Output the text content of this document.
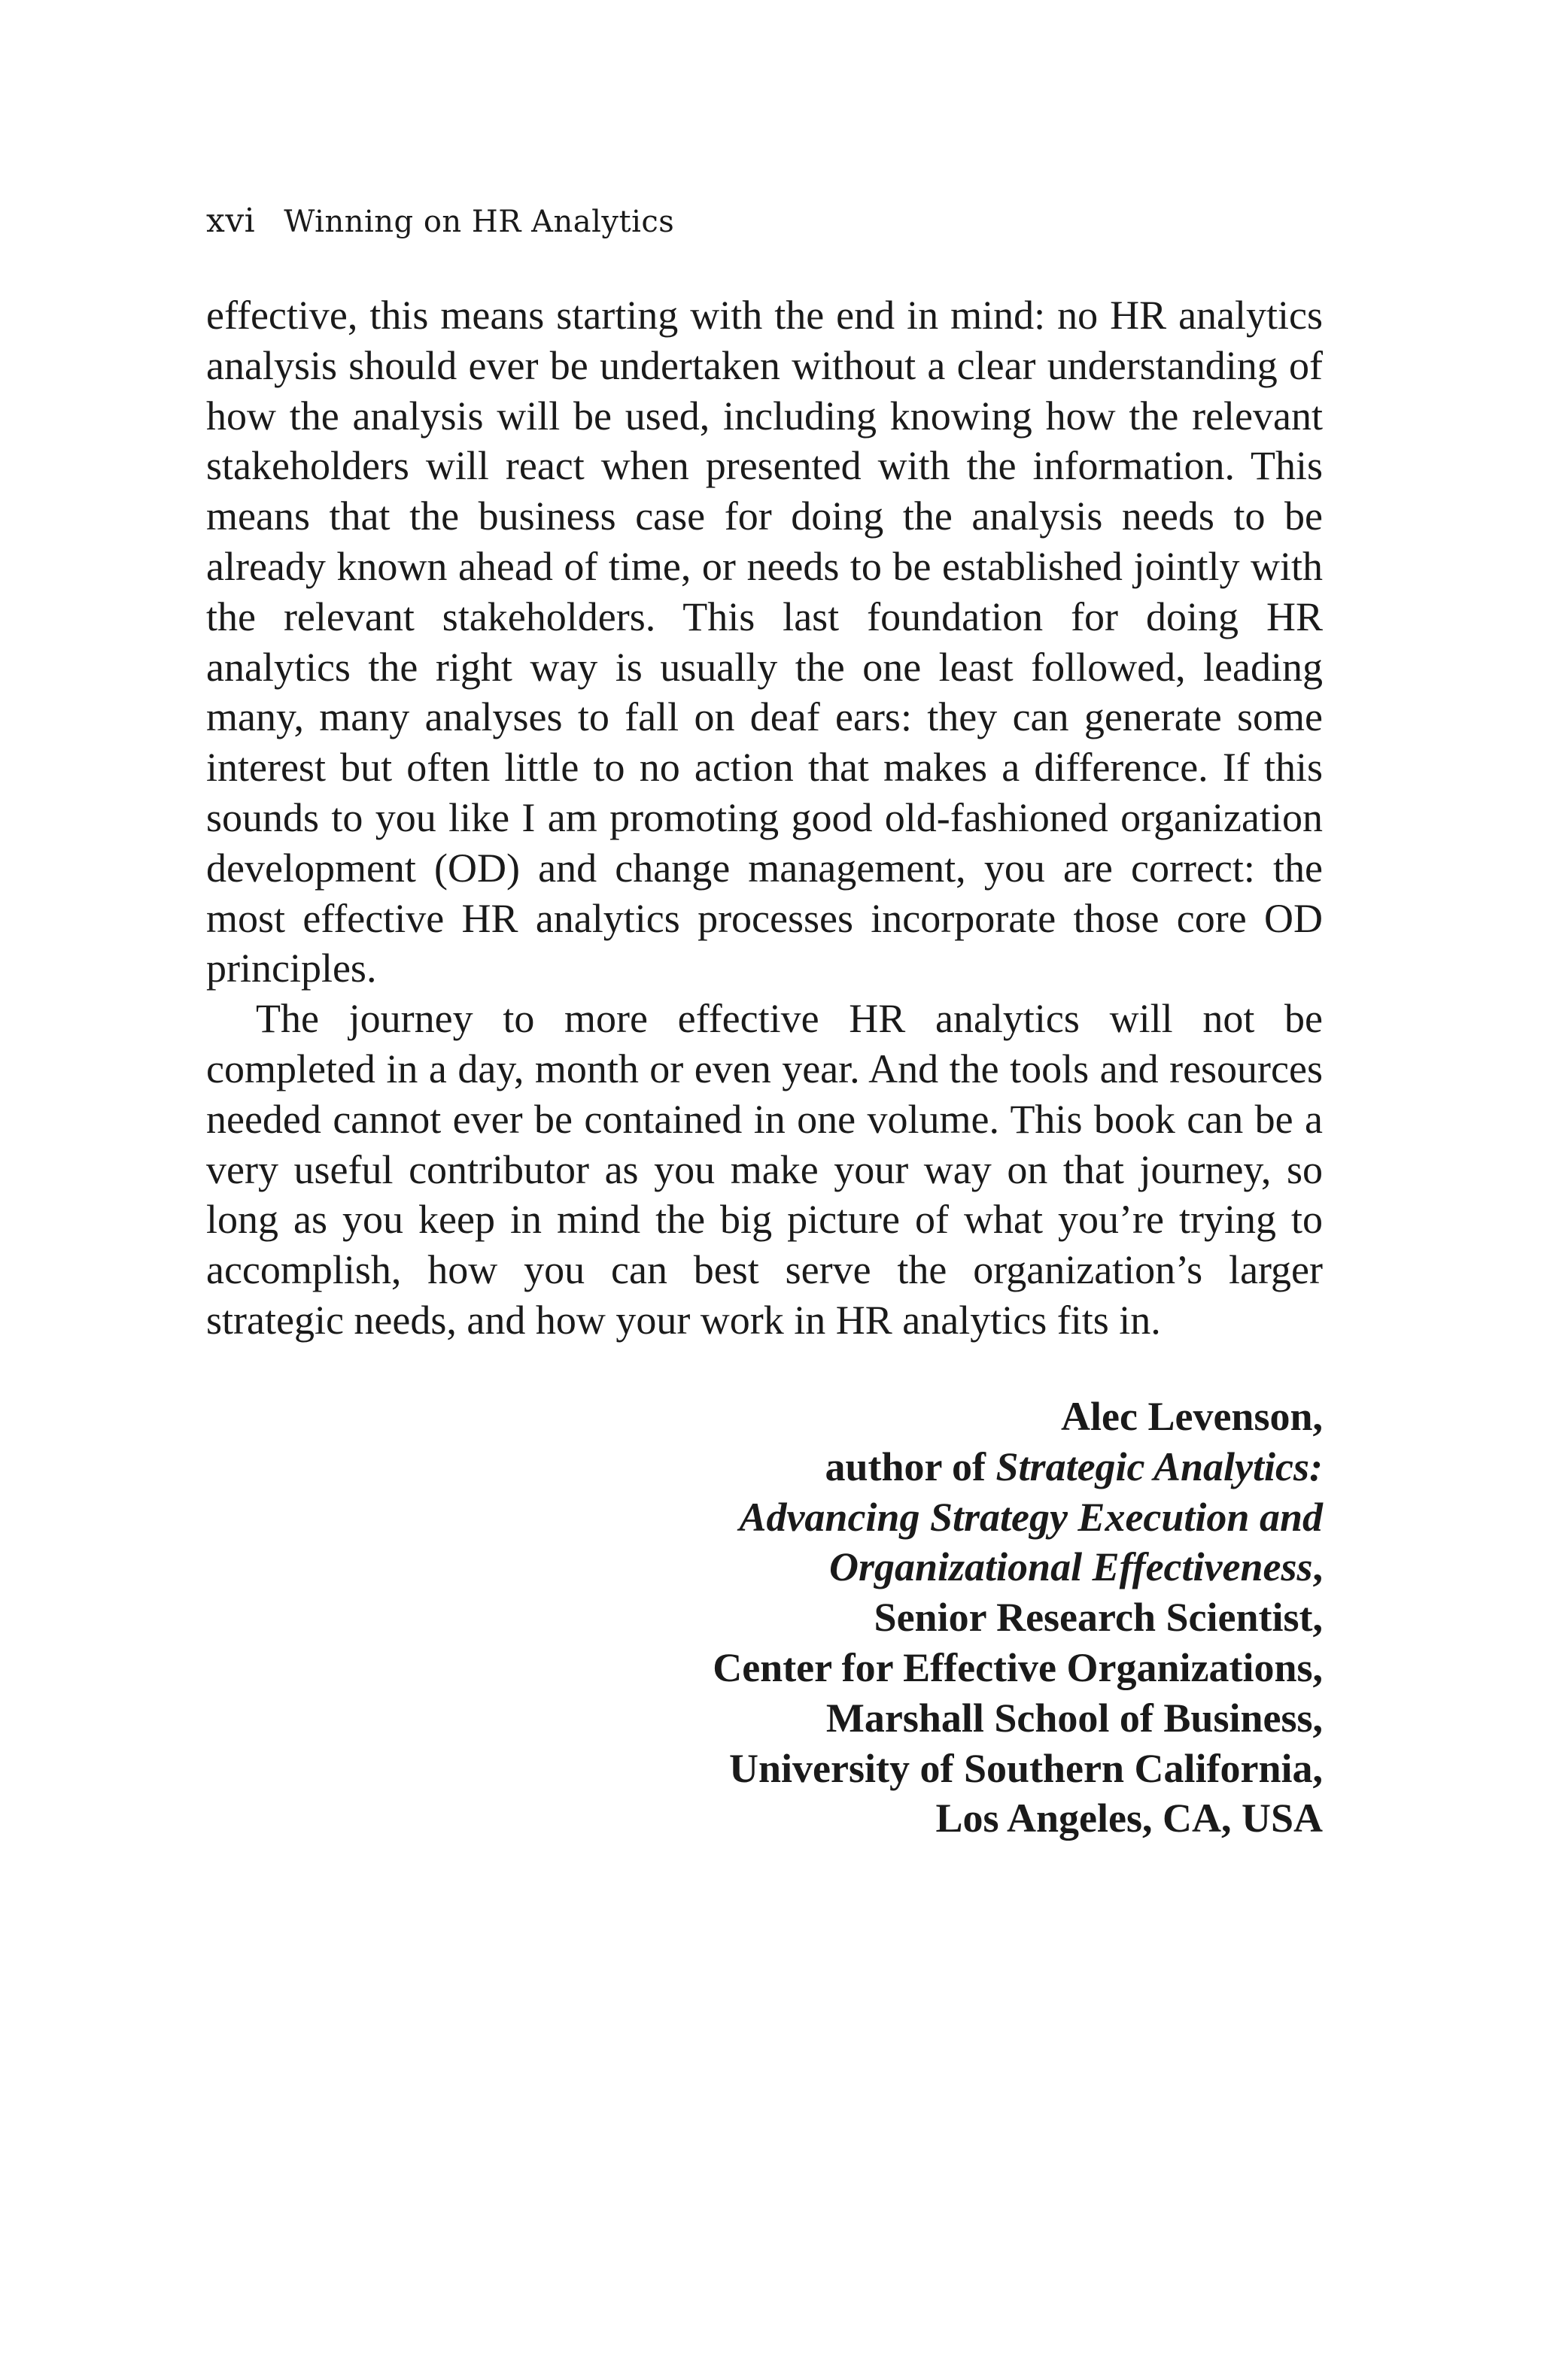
xvi Winning on HR Analytics

effective, this means starting with the end in mind: no HR analytics analysis should ever be undertaken without a clear understanding of how the analysis will be used, including knowing how the relevant stakeholders will react when presented with the information. This means that the business case for doing the analysis needs to be already known ahead of time, or needs to be established jointly with the relevant stakeholders. This last foundation for doing HR analytics the right way is usually the one least followed, leading many, many analyses to fall on deaf ears: they can generate some interest but often little to no action that makes a difference. If this sounds to you like I am promoting good old-fashioned organization development (OD) and change management, you are correct: the most effective HR analytics processes incorporate those core OD principles.

The journey to more effective HR analytics will not be completed in a day, month or even year. And the tools and resources needed cannot ever be contained in one volume. This book can be a very useful contributor as you make your way on that journey, so long as you keep in mind the big picture of what you’re trying to accomplish, how you can best serve the organization’s larger strategic needs, and how your work in HR analytics fits in.

Alec Levenson,
author of Strategic Analytics:
Advancing Strategy Execution and
Organizational Effectiveness,
Senior Research Scientist,
Center for Effective Organizations,
Marshall School of Business,
University of Southern California,
Los Angeles, CA, USA
